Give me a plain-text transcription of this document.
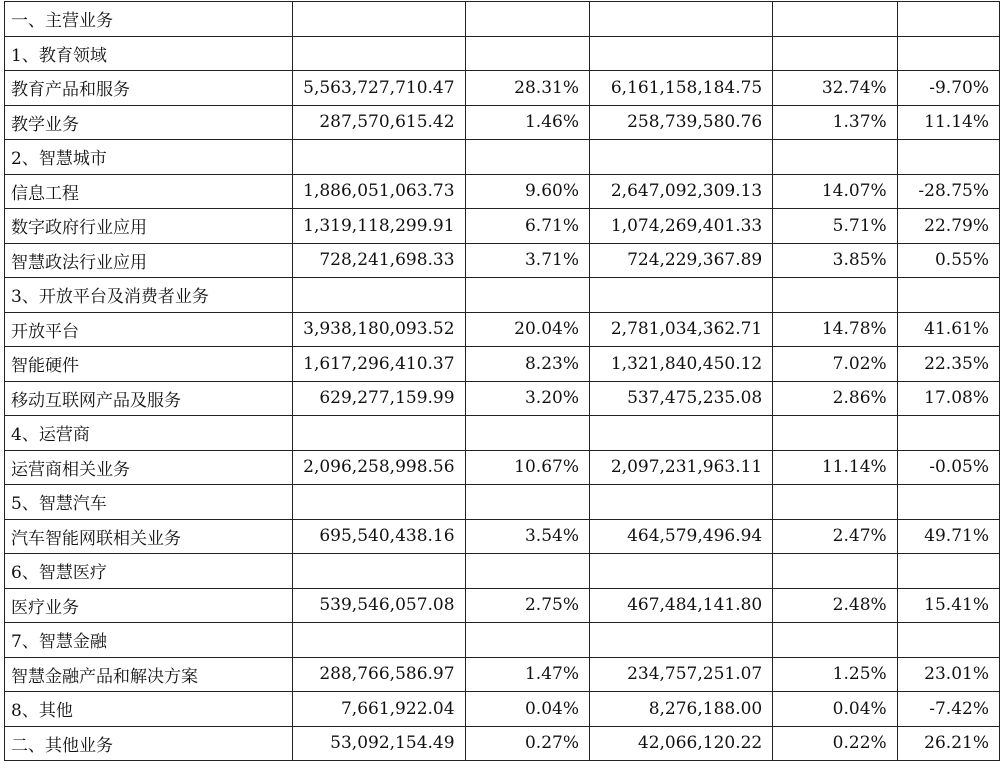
一、主营业务					
1、教育领域					
教育产品和服务	5,563,727,710.47	28.31%	6,161,158,184.75	32.74%	-9.70%
教学业务	287,570,615.42	1.46%	258,739,580.76	1.37%	11.14%
2、智慧城市					
信息工程	1,886,051,063.73	9.60%	2,647,092,309.13	14.07%	-28.75%
数字政府行业应用	1,319,118,299.91	6.71%	1,074,269,401.33	5.71%	22.79%
智慧政法行业应用	728,241,698.33	3.71%	724,229,367.89	3.85%	0.55%
3、开放平台及消费者业务					
开放平台	3,938,180,093.52	20.04%	2,781,034,362.71	14.78%	41.61%
智能硬件	1,617,296,410.37	8.23%	1,321,840,450.12	7.02%	22.35%
移动互联网产品及服务	629,277,159.99	3.20%	537,475,235.08	2.86%	17.08%
4、运营商					
运营商相关业务	2,096,258,998.56	10.67%	2,097,231,963.11	11.14%	-0.05%
5、智慧汽车					
汽车智能网联相关业务	695,540,438.16	3.54%	464,579,496.94	2.47%	49.71%
6、智慧医疗					
医疗业务	539,546,057.08	2.75%	467,484,141.80	2.48%	15.41%
7、智慧金融					
智慧金融产品和解决方案	288,766,586.97	1.47%	234,757,251.07	1.25%	23.01%
8、其他	7,661,922.04	0.04%	8,276,188.00	0.04%	-7.42%
二、其他业务	53,092,154.49	0.27%	42,066,120.22	0.22%	26.21%
